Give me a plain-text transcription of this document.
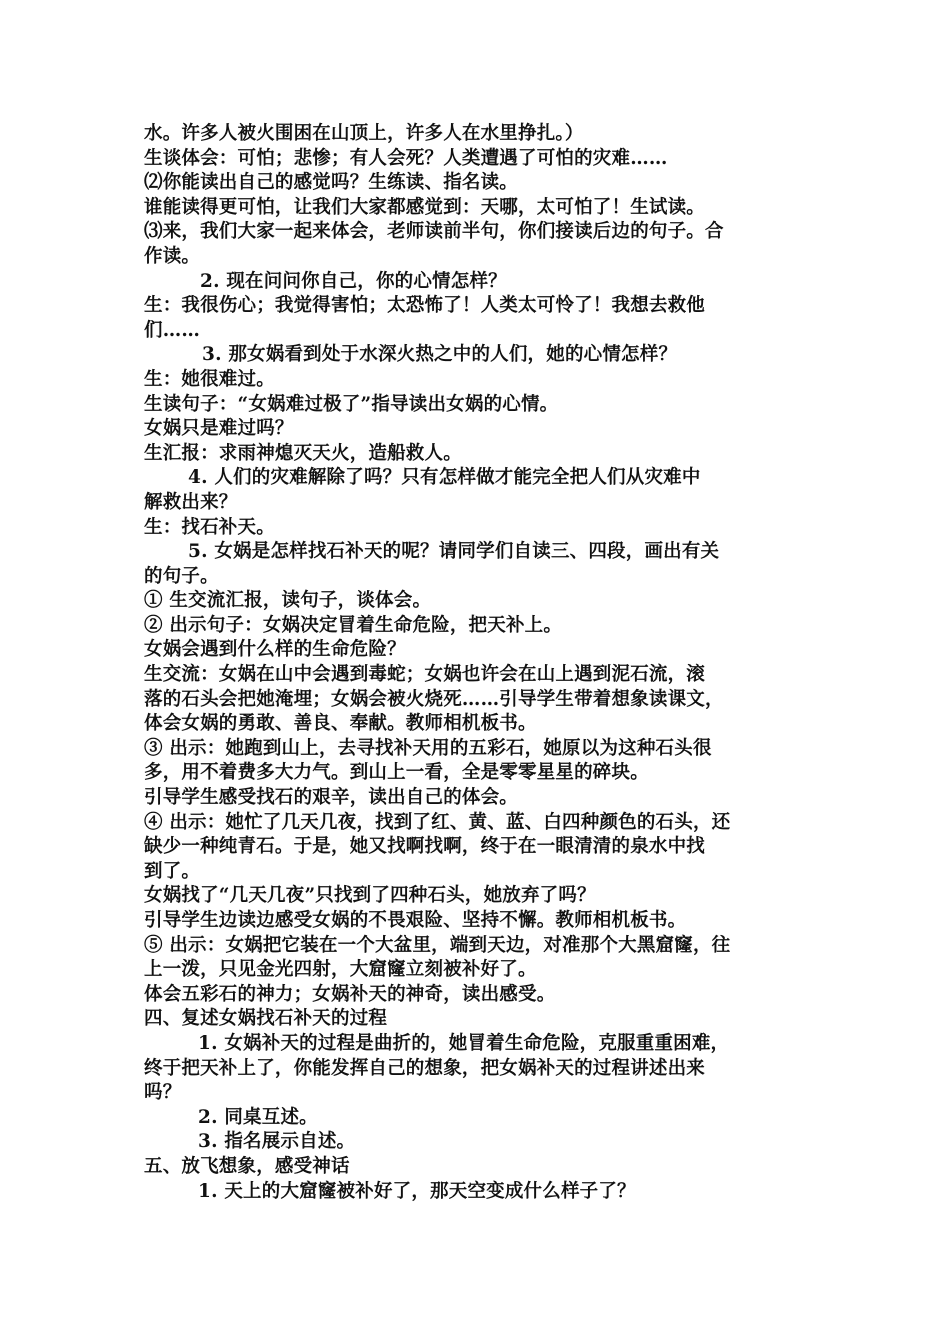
水。许多人被火围困在山顶上，许多人在水里挣扎。）
生谈体会：可怕；悲惨；有人会死？人类遭遇了可怕的灾难……
⑵你能读出自己的感觉吗？生练读、指名读。
谁能读得更可怕，让我们大家都感觉到：天哪，太可怕了！生试读。
⑶来，我们大家一起来体会，老师读前半句，你们接读后边的句子。合
作读。
2. 现在问问你自己，你的心情怎样？
生：我很伤心；我觉得害怕；太恐怖了！人类太可怜了！我想去救他
们……
3. 那女娲看到处于水深火热之中的人们，她的心情怎样？
生：她很难过。
生读句子：“女娲难过极了”指导读出女娲的心情。
女娲只是难过吗？
生汇报：求雨神熄灭天火，造船救人。
4. 人们的灾难解除了吗？只有怎样做才能完全把人们从灾难中
解救出来？
生：找石补天。
5. 女娲是怎样找石补天的呢？请同学们自读三、四段，画出有关
的句子。
① 生交流汇报，读句子，谈体会。
② 出示句子：女娲决定冒着生命危险，把天补上。
女娲会遇到什么样的生命危险？
生交流：女娲在山中会遇到毒蛇；女娲也许会在山上遇到泥石流，滚
落的石头会把她淹埋；女娲会被火烧死……引导学生带着想象读课文，
体会女娲的勇敢、善良、奉献。教师相机板书。
③ 出示：她跑到山上，去寻找补天用的五彩石，她原以为这种石头很
多，用不着费多大力气。到山上一看，全是零零星星的碎块。
引导学生感受找石的艰辛，读出自己的体会。
④ 出示：她忙了几天几夜，找到了红、黄、蓝、白四种颜色的石头，还
缺少一种纯青石。于是，她又找啊找啊，终于在一眼清清的泉水中找
到了。
女娲找了“几天几夜”只找到了四种石头，她放弃了吗？
引导学生边读边感受女娲的不畏艰险、坚持不懈。教师相机板书。
⑤ 出示：女娲把它装在一个大盆里，端到天边，对准那个大黑窟窿，往
上一泼，只见金光四射，大窟窿立刻被补好了。
体会五彩石的神力；女娲补天的神奇，读出感受。
四、复述女娲找石补天的过程
1. 女娲补天的过程是曲折的，她冒着生命危险，克服重重困难，
终于把天补上了，你能发挥自己的想象，把女娲补天的过程讲述出来
吗？
2. 同桌互述。
3. 指名展示自述。
五、放飞想象，感受神话
1. 天上的大窟窿被补好了，那天空变成什么样子了？
